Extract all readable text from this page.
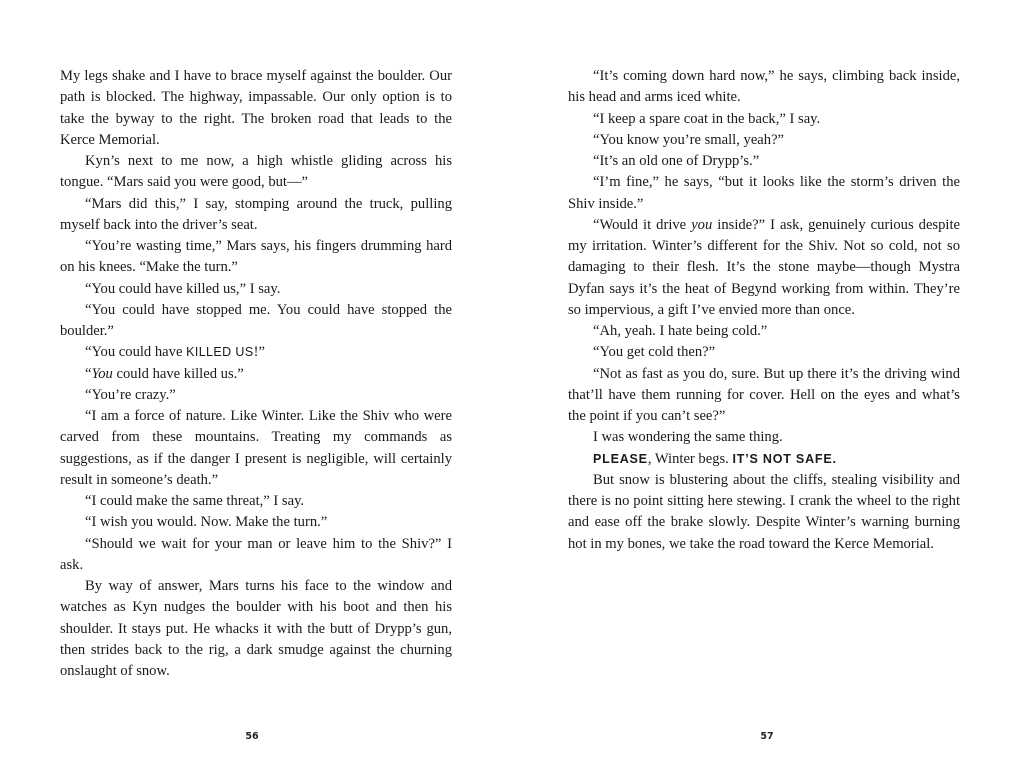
My legs shake and I have to brace myself against the boulder. Our path is blocked. The highway, impassable. Our only option is to take the byway to the right. The broken road that leads to the Kerce Memorial.

Kyn’s next to me now, a high whistle gliding across his tongue. “Mars said you were good, but—”

“Mars did this,” I say, stomping around the truck, pulling myself back into the driver’s seat.

“You’re wasting time,” Mars says, his fingers drumming hard on his knees. “Make the turn.”

“You could have killed us,” I say.

“You could have stopped me. You could have stopped the boulder.”

“You could have KILLED US!”

“You could have killed us.”

“You’re crazy.”

“I am a force of nature. Like Winter. Like the Shiv who were carved from these mountains. Treating my commands as suggestions, as if the danger I present is negligible, will certainly result in someone’s death.”

“I could make the same threat,” I say.

“I wish you would. Now. Make the turn.”

“Should we wait for your man or leave him to the Shiv?” I ask.

By way of answer, Mars turns his face to the window and watches as Kyn nudges the boulder with his boot and then his shoulder. It stays put. He whacks it with the butt of Drypp’s gun, then strides back to the rig, a dark smudge against the churning onslaught of snow.

56

“It’s coming down hard now,” he says, climbing back inside, his head and arms iced white.

“I keep a spare coat in the back,” I say.

“You know you’re small, yeah?”

“It’s an old one of Drypp’s.”

“I’m fine,” he says, “but it looks like the storm’s driven the Shiv inside.”

“Would it drive you inside?” I ask, genuinely curious despite my irritation. Winter’s different for the Shiv. Not so cold, not so damaging to their flesh. It’s the stone maybe—though Mystra Dyfan says it’s the heat of Begynd working from within. They’re so impervious, a gift I’ve envied more than once.

“Ah, yeah. I hate being cold.”

“You get cold then?”

“Not as fast as you do, sure. But up there it’s the driving wind that’ll have them running for cover. Hell on the eyes and what’s the point if you can’t see?”

I was wondering the same thing.

PLEASE, Winter begs. IT’S NOT SAFE.

But snow is blustering about the cliffs, stealing visibility and there is no point sitting here stewing. I crank the wheel to the right and ease off the brake slowly. Despite Winter’s warning burning hot in my bones, we take the road toward the Kerce Memorial.

57
